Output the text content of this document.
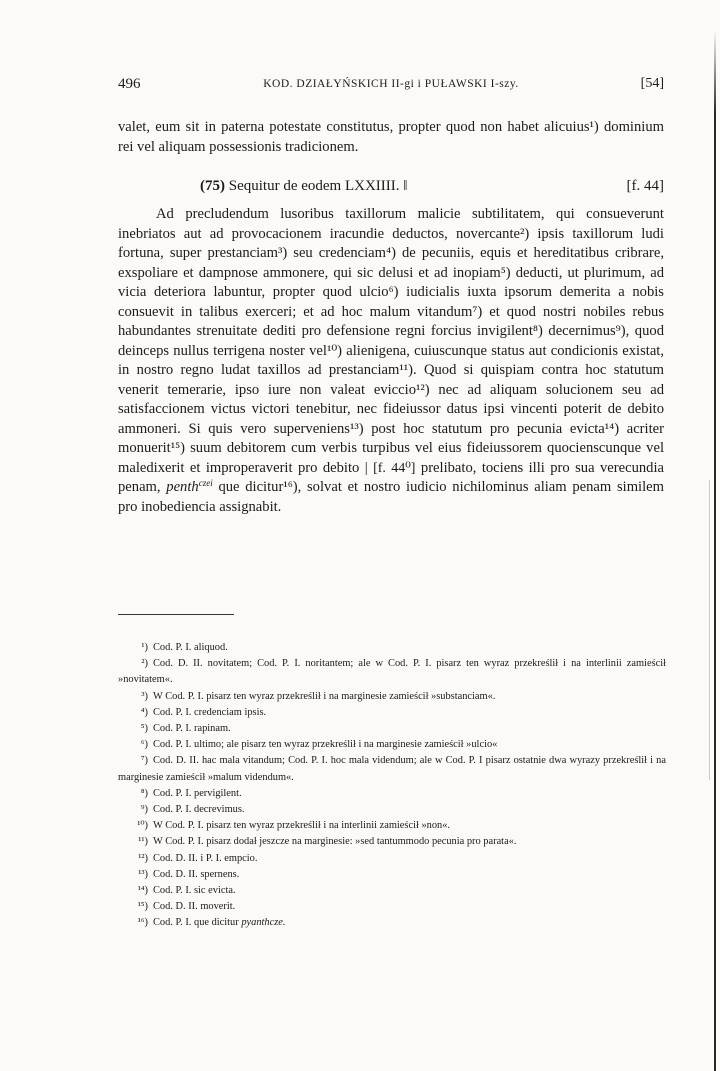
496	KOD. DZIAŁYŃSKICH II-gi i PUŁAWSKI I-szy.	[54]

valet, eum sit in paterna potestate constitutus, propter quod non habet alicuius¹) dominium rei vel aliquam possessionis tradicionem.

(75) Sequitur de eodem LXXIIII. ‖	[f. 44]

Ad precludendum lusoribus taxillorum malicie subtilitatem, qui consueverunt inebriatos aut ad provocacionem iracundie deductos, novercante²) ipsis taxillorum ludi fortuna, super prestanciam³) seu credenciam⁴) de pecuniis, equis et hereditatibus cribrare, exspoliare et dampnose ammonere, qui sic delusi et ad inopiam⁵) deducti, ut plurimum, ad vicia deteriora labuntur, propter quod ulcio⁶) iudicialis iuxta ipsorum demerita a nobis consuevit in talibus exerceri; et ad hoc malum vitandum⁷) et quod nostri nobiles rebus habundantes strenuitate dediti pro defensione regni forcius invigilent⁸) decernimus⁹), quod deinceps nullus terrigena noster vel¹⁰) alienigena, cuiuscunque status aut condicionis existat, in nostro regno ludat taxillos ad prestanciam¹¹). Quod si quispiam contra hoc statutum venerit temerarie, ipso iure non valeat eviccio¹²) nec ad aliquam solucionem seu ad satisfaccionem victus victori tenebitur, nec fideiussor datus ipsi vincenti poterit de debito ammoneri. Si quis vero superveniens¹³) post hoc statutum pro pecunia evicta¹⁴) acriter monuerit¹⁵) suum debitorem cum verbis turpibus vel eius fideiussorem quocienscunque vel maledixerit et improperaverit pro debito | [f. 44⁰] prelibato, tociens illi pro sua verecundia penam, penth$^{czei}$ que dicitur¹⁶), solvat et nostro iudicio nichilominus aliam penam similem pro inobediencia assignabit.

¹) Cod. P. I. aliquod.
²) Cod. D. II. novitatem; Cod. P. I. noritantem; ale w Cod. P. I. pisarz ten wyraz przekreślił i na interlinii zamieścił »novitatem«.
³) W Cod. P. I. pisarz ten wyraz przekreślił i na marginesie zamieścił »substanciam«.
⁴) Cod. P. I. credenciam ipsis.
⁵) Cod. P. I. rapinam.
⁶) Cod. P. I. ultimo; ale pisarz ten wyraz przekreślił i na marginesie zamieścił »ulcio«
⁷) Cod. D. II. hac mala vitandum; Cod. P. I. hoc mala videndum; ale w Cod. P. I pisarz ostatnie dwa wyrazy przekreślił i na marginesie zamieścił »malum videndum«.
⁸) Cod. P. I. pervigilent.
⁹) Cod. P. I. decrevimus.
¹⁰) W Cod. P. I. pisarz ten wyraz przekreślił i na interlinii zamieścił »non«.
¹¹) W Cod. P. I. pisarz dodał jeszcze na marginesie: »sed tantummodo pecunia pro parata«.
¹²) Cod. D. II. i P. I. empcio.
¹³) Cod. D. II. spernens.
¹⁴) Cod. P. I. sic evicta.
¹⁵) Cod. D. II. moverit.
¹⁶) Cod. P. I. que dicitur pyanthcze.
